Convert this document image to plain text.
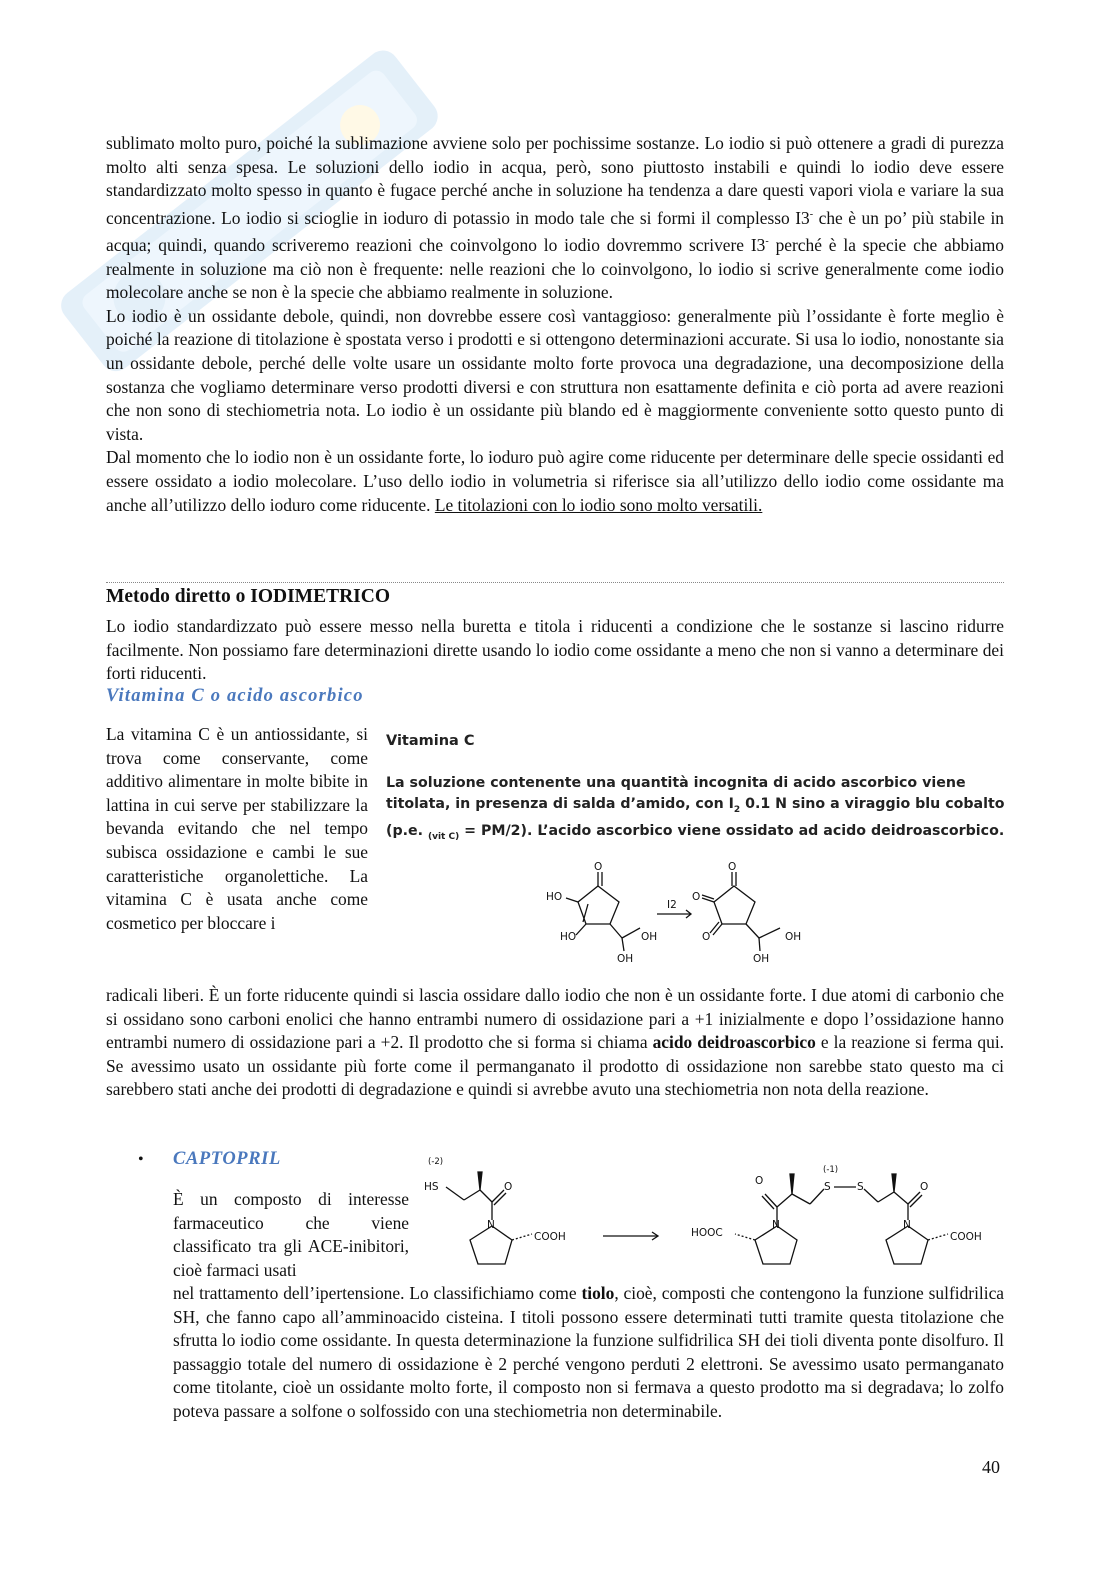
sublimato molto puro, poiché la sublimazione avviene solo per pochissime sostanze. Lo iodio si può ottenere a gradi di purezza molto alti senza spesa. Le soluzioni dello iodio in acqua, però, sono piuttosto instabili e quindi lo iodio deve essere standardizzato molto spesso in quanto è fugace perché anche in soluzione ha tendenza a dare questi vapori viola e variare la sua concentrazione. Lo iodio si scioglie in ioduro di potassio in modo tale che si formi il complesso I3- che è un po’ più stabile in acqua; quindi, quando scriveremo reazioni che coinvolgono lo iodio dovremmo scrivere I3- perché è la specie che abbiamo realmente in soluzione ma ciò non è frequente: nelle reazioni che lo coinvolgono, lo iodio si scrive generalmente come iodio molecolare anche se non è la specie che abbiamo realmente in soluzione.

Lo iodio è un ossidante debole, quindi, non dovrebbe essere così vantaggioso: generalmente più l’ossidante è forte meglio è poiché la reazione di titolazione è spostata verso i prodotti e si ottengono determinazioni accurate. Si usa lo iodio, nonostante sia un ossidante debole, perché delle volte usare un ossidante molto forte provoca una degradazione, una decomposizione della sostanza che vogliamo determinare verso prodotti diversi e con struttura non esattamente definita e ciò porta ad avere reazioni che non sono di stechiometria nota. Lo iodio è un ossidante più blando ed è maggiormente conveniente sotto questo punto di vista.

Dal momento che lo iodio non è un ossidante forte, lo ioduro può agire come riducente per determinare delle specie ossidanti ed essere ossidato a iodio molecolare. L’uso dello iodio in volumetria si riferisce sia all’utilizzo dello iodio come ossidante ma anche all’utilizzo dello ioduro come riducente. Le titolazioni con lo iodio sono molto versatili.

Metodo diretto o IODIMETRICO

Lo iodio standardizzato può essere messo nella buretta e titola i riducenti a condizione che le sostanze si lascino ridurre facilmente. Non possiamo fare determinazioni dirette usando lo iodio come ossidante a meno che non si vanno a determinare dei forti riducenti.

Vitamina C o acido ascorbico

La vitamina C è un antiossidante, si trova come conservante, come additivo alimentare in molte bibite in lattina in cui serve per stabilizzare la bevanda evitando che nel tempo subisca ossidazione e cambi le sue caratteristiche organolettiche. La vitamina C è usata anche come cosmetico per bloccare i

Vitamina C
La soluzione contenente una quantità incognita di acido ascorbico viene titolata, in presenza di salda d’amido, con $I_2$ 0.1 N sino a viraggio blu cobalto (p.e. $_{(vit C)}$ = PM/2). L’acido ascorbico viene ossidato ad acido deidroascorbico.
O
HO
HO	OH
OH
I2
O
O
O	OH
OH

radicali liberi. È un forte riducente quindi si lascia ossidare dallo iodio che non è un ossidante forte. I due atomi di carbonio che si ossidano sono carboni enolici che hanno entrambi numero di ossidazione pari a +1 inizialmente e dopo l’ossidazione hanno entrambi numero di ossidazione pari a +2. Il prodotto che si forma si chiama acido deidroascorbico e la reazione si ferma qui. Se avessimo usato un ossidante più forte come il permanganato il prodotto di ossidazione non sarebbe stato questo ma ci sarebbero stati anche dei prodotti di degradazione e quindi si avrebbe avuto una stechiometria non nota della reazione.

• CAPTOPRIL

È un composto di interesse farmaceutico che viene classificato tra gli ACE-inibitori, cioè farmaci usati

(-2)
HS	O
N
COOH
O
(-1)
S	S	O
N	N
HOOC	COOH

nel trattamento dell’ipertensione. Lo classifichiamo come tiolo, cioè, composti che contengono la funzione sulfidrilica SH, che fanno capo all’amminoacido cisteina. I titoli possono essere determinati tutti tramite questa titolazione che sfrutta lo iodio come ossidante. In questa determinazione la funzione sulfidrilica SH dei tioli diventa ponte disolfuro. Il passaggio totale del numero di ossidazione è 2 perché vengono perduti 2 elettroni. Se avessimo usato permanganato come titolante, cioè un ossidante molto forte, il composto non si fermava a questo prodotto ma si degradava; lo zolfo poteva passare a solfone o solfossido con una stechiometria non determinabile.

40
